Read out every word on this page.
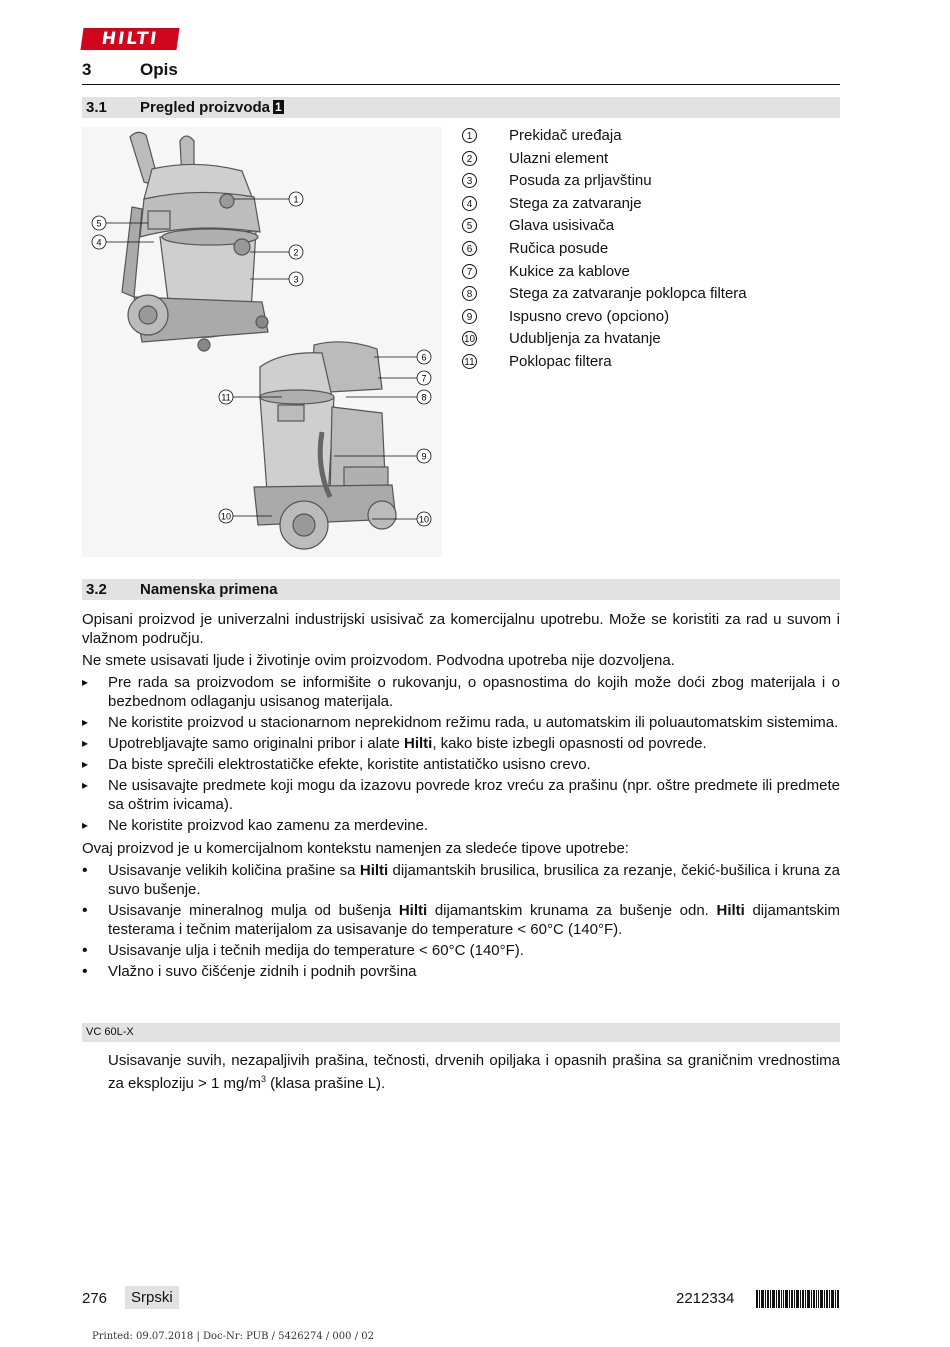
HILTI
3	Opis
3.1 Pregled proizvoda 1
1
2
3
4
5
6
7
8
9
10	10
11
1	Prekidač uređaja
2	Ulazni element
3	Posuda za prljavštinu
4	Stega za zatvaranje
5	Glava usisivača
6	Ručica posude
7	Kukice za kablove
8	Stega za zatvaranje poklopca filtera
9	Ispusno crevo (opciono)
10 Udubljenja za hvatanje
11 Poklopac filtera
3.2 Namenska primena

Opisani proizvod je univerzalni industrijski usisivač za komercijalnu upotrebu. Može se koristiti za rad u suvom i vlažnom području.

Ne smete usisavati ljude i životinje ovim proizvodom. Podvodna upotreba nije dozvoljena.

▸ Pre rada sa proizvodom se informišite o rukovanju, o opasnostima do kojih može doći zbog materijala i o bezbednom odlaganju usisanog materijala.
▸ Ne koristite proizvod u stacionarnom neprekidnom režimu rada, u automatskim ili poluautomatskim sistemima.
▸ Upotrebljavajte samo originalni pribor i alate Hilti, kako biste izbegli opasnosti od povrede.
▸ Da biste sprečili elektrostatičke efekte, koristite antistatičko usisno crevo.
▸ Ne usisavajte predmete koji mogu da izazovu povrede kroz vreću za prašinu (npr. oštre predmete ili predmete sa oštrim ivicama).
▸ Ne koristite proizvod kao zamenu za merdevine.

Ovaj proizvod je u komercijalnom kontekstu namenjen za sledeće tipove upotrebe:

• Usisavanje velikih količina prašine sa Hilti dijamantskih brusilica, brusilica za rezanje, čekić-bušilica i kruna za suvo bušenje.
• Usisavanje mineralnog mulja od bušenja Hilti dijamantskim krunama za bušenje odn. Hilti dijamantskim testerama i tečnim materijalom za usisavanje do temperature < 60°C (140°F).
• Usisavanje ulja i tečnih medija do temperature < 60°C (140°F).
• Vlažno i suvo čišćenje zidnih i podnih površina
VC 60L-X
Usisavanje suvih, nezapaljivih prašina, tečnosti, drvenih opiljaka i opasnih prašina sa graničnim vrednostima za eksploziju > 1 $mg/m^3$ (klasa prašine L).
276	Srpski	2212334
Printed: 09.07.2018 | Doc-Nr: PUB / 5426274 / 000 / 02
